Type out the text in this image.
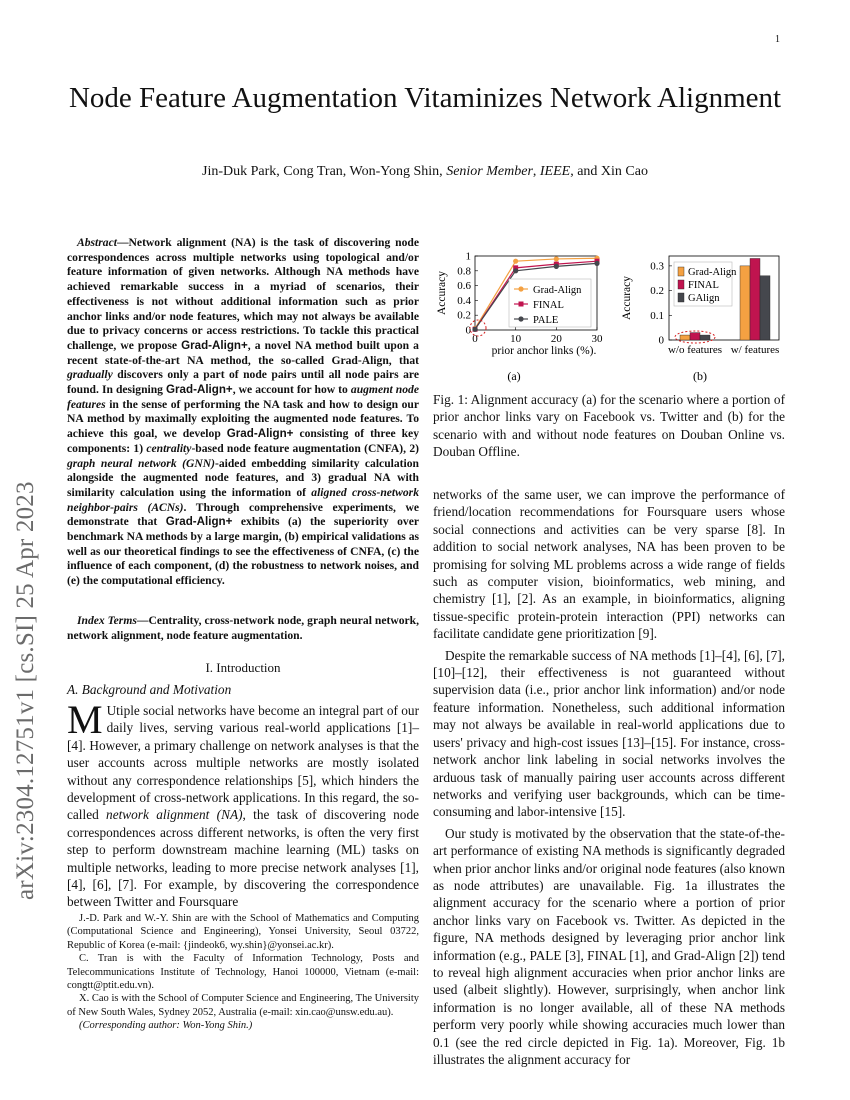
1
arXiv:2304.12751v1 [cs.SI] 25 Apr 2023
Node Feature Augmentation Vitaminizes Network Alignment
Jin-Duk Park, Cong Tran, Won-Yong Shin, Senior Member, IEEE, and Xin Cao
Abstract—Network alignment (NA) is the task of discovering node correspondences across multiple networks using topological and/or feature information of given networks. Although NA methods have achieved remarkable success in a myriad of scenarios, their effectiveness is not without additional information such as prior anchor links and/or node features, which may not always be available due to privacy concerns or access restrictions. To tackle this practical challenge, we propose Grad-Align+, a novel NA method built upon a recent state-of-the-art NA method, the so-called Grad-Align, that gradually discovers only a part of node pairs until all node pairs are found. In designing Grad-Align+, we account for how to augment node features in the sense of performing the NA task and how to design our NA method by maximally exploiting the augmented node features. To achieve this goal, we develop Grad-Align+ consisting of three key components: 1) centrality-based node feature augmentation (CNFA), 2) graph neural network (GNN)-aided embedding similarity calculation alongside the augmented node features, and 3) gradual NA with similarity calculation using the information of aligned cross-network neighbor-pairs (ACNs). Through comprehensive experiments, we demonstrate that Grad-Align+ exhibits (a) the superiority over benchmark NA methods by a large margin, (b) empirical validations as well as our theoretical findings to see the effectiveness of CNFA, (c) the influence of each component, (d) the robustness to network noises, and (e) the computational efficiency.
Index Terms—Centrality, cross-network node, graph neural network, network alignment, node feature augmentation.
I. Introduction
A. Background and Motivation
M Utiple social networks have become an integral part of our daily lives, serving various real-world applications [1]–[4]. However, a primary challenge on network analyses is that the user accounts across multiple networks are mostly isolated without any correspondence relationships [5], which hinders the development of cross-network applications. In this regard, the so-called network alignment (NA), the task of discovering node correspondences across different networks, is often the very first step to perform downstream machine learning (ML) tasks on multiple networks, leading to more precise network analyses [1], [4], [6], [7]. For example, by discovering the correspondence between Twitter and Foursquare

J.-D. Park and W.-Y. Shin are with the School of Mathematics and Computing (Computational Science and Engineering), Yonsei University, Seoul 03722, Republic of Korea (e-mail: {jindeok6, wy.shin}@yonsei.ac.kr).

C. Tran is with the Faculty of Information Technology, Posts and Telecommunications Institute of Technology, Hanoi 100000, Vietnam (e-mail: congtt@ptit.edu.vn).

X. Cao is with the School of Computer Science and Engineering, The University of New South Wales, Sydney 2052, Australia (e-mail: xin.cao@unsw.edu.au).

(Corresponding author: Won-Yong Shin.)

0
0.2
0.4
0.6
0.8
1
0	10	20	30
prior anchor links (%).
Accuracy	Grad-Align
FINAL
PALE
0
0.1
0.2
0.3
Accuracy
w/o features w/ features
Grad-Align
FINAL
GAlign
(a)	(b)
Fig. 1: Alignment accuracy (a) for the scenario where a portion of prior anchor links vary on Facebook vs. Twitter and (b) for the scenario with and without node features on Douban Online vs. Douban Offline.

networks of the same user, we can improve the performance of friend/location recommendations for Foursquare users whose social connections and activities can be very sparse [8]. In addition to social network analyses, NA has been proven to be promising for solving ML problems across a wide range of fields such as computer vision, bioinformatics, web mining, and chemistry [1], [2]. As an example, in bioinformatics, aligning tissue-specific protein-protein interaction (PPI) networks can facilitate candidate gene prioritization [9].

Despite the remarkable success of NA methods [1]–[4], [6], [7], [10]–[12], their effectiveness is not guaranteed without supervision data (i.e., prior anchor link information) and/or node feature information. Nonetheless, such additional information may not always be available in real-world applications due to users' privacy and high-cost issues [13]–[15]. For instance, cross-network anchor link labeling in social networks involves the arduous task of manually pairing user accounts across different networks and verifying user backgrounds, which can be time-consuming and labor-intensive [15].

Our study is motivated by the observation that the state-of-the-art performance of existing NA methods is significantly degraded when prior anchor links and/or original node features (also known as node attributes) are unavailable. Fig. 1a illustrates the alignment accuracy for the scenario where a portion of prior anchor links vary on Facebook vs. Twitter. As depicted in the figure, NA methods designed by leveraging prior anchor link information (e.g., PALE [3], FINAL [1], and Grad-Align [2]) tend to reveal high alignment accuracies when prior anchor links are used (albeit slightly). However, surprisingly, when anchor link information is no longer available, all of these NA methods perform very poorly while showing accuracies much lower than 0.1 (see the red circle depicted in Fig. 1a). Moreover, Fig. 1b illustrates the alignment accuracy for
